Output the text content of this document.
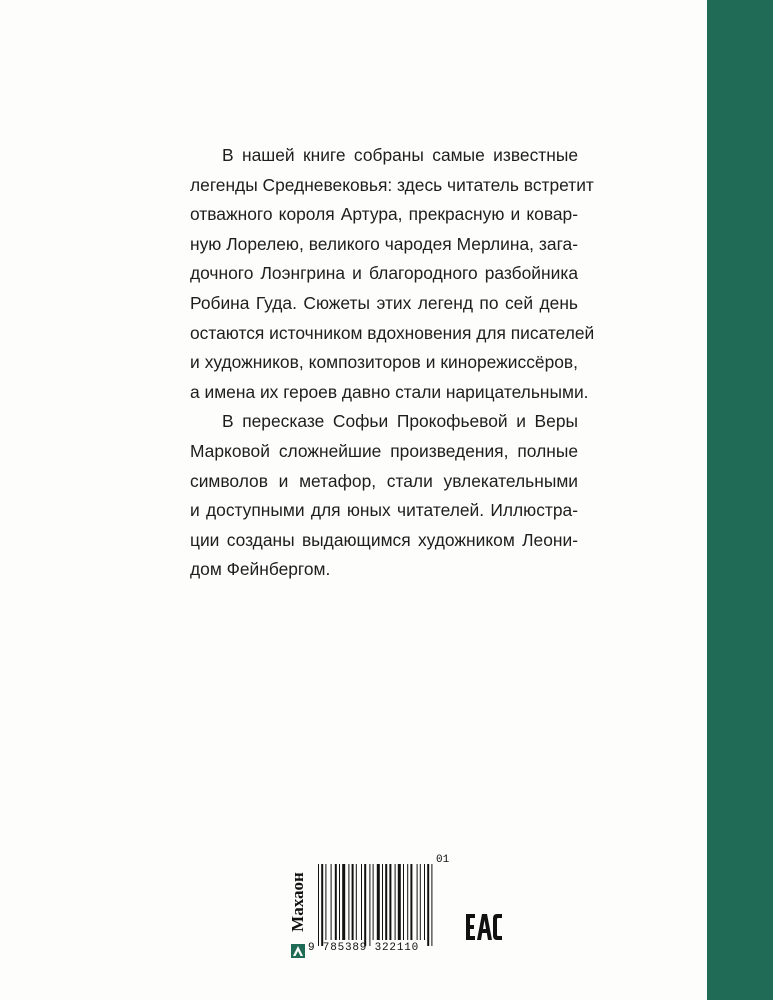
В нашей книге собраны самые известные
легенды Средневековья: здесь читатель встретит
отважного короля Артура, прекрасную и ковар-
ную Лорелею, великого чародея Мерлина, зага-
дочного Лоэнгрина и благородного разбойника
Робина Гуда. Сюжеты этих легенд по сей день
остаются источником вдохновения для писателей
и художников, композиторов и кинорежиссёров,
а имена их героев давно стали нарицательными.

В пересказе Софьи Прокофьевой и Веры
Марковой сложнейшие произведения, полные
символов и метафор, стали увлекательными
и доступными для юных читателей. Иллюстра-
ции созданы выдающимся художником Леони-
дом Фейнбергом.

Махаон
9 785389 322110
01
